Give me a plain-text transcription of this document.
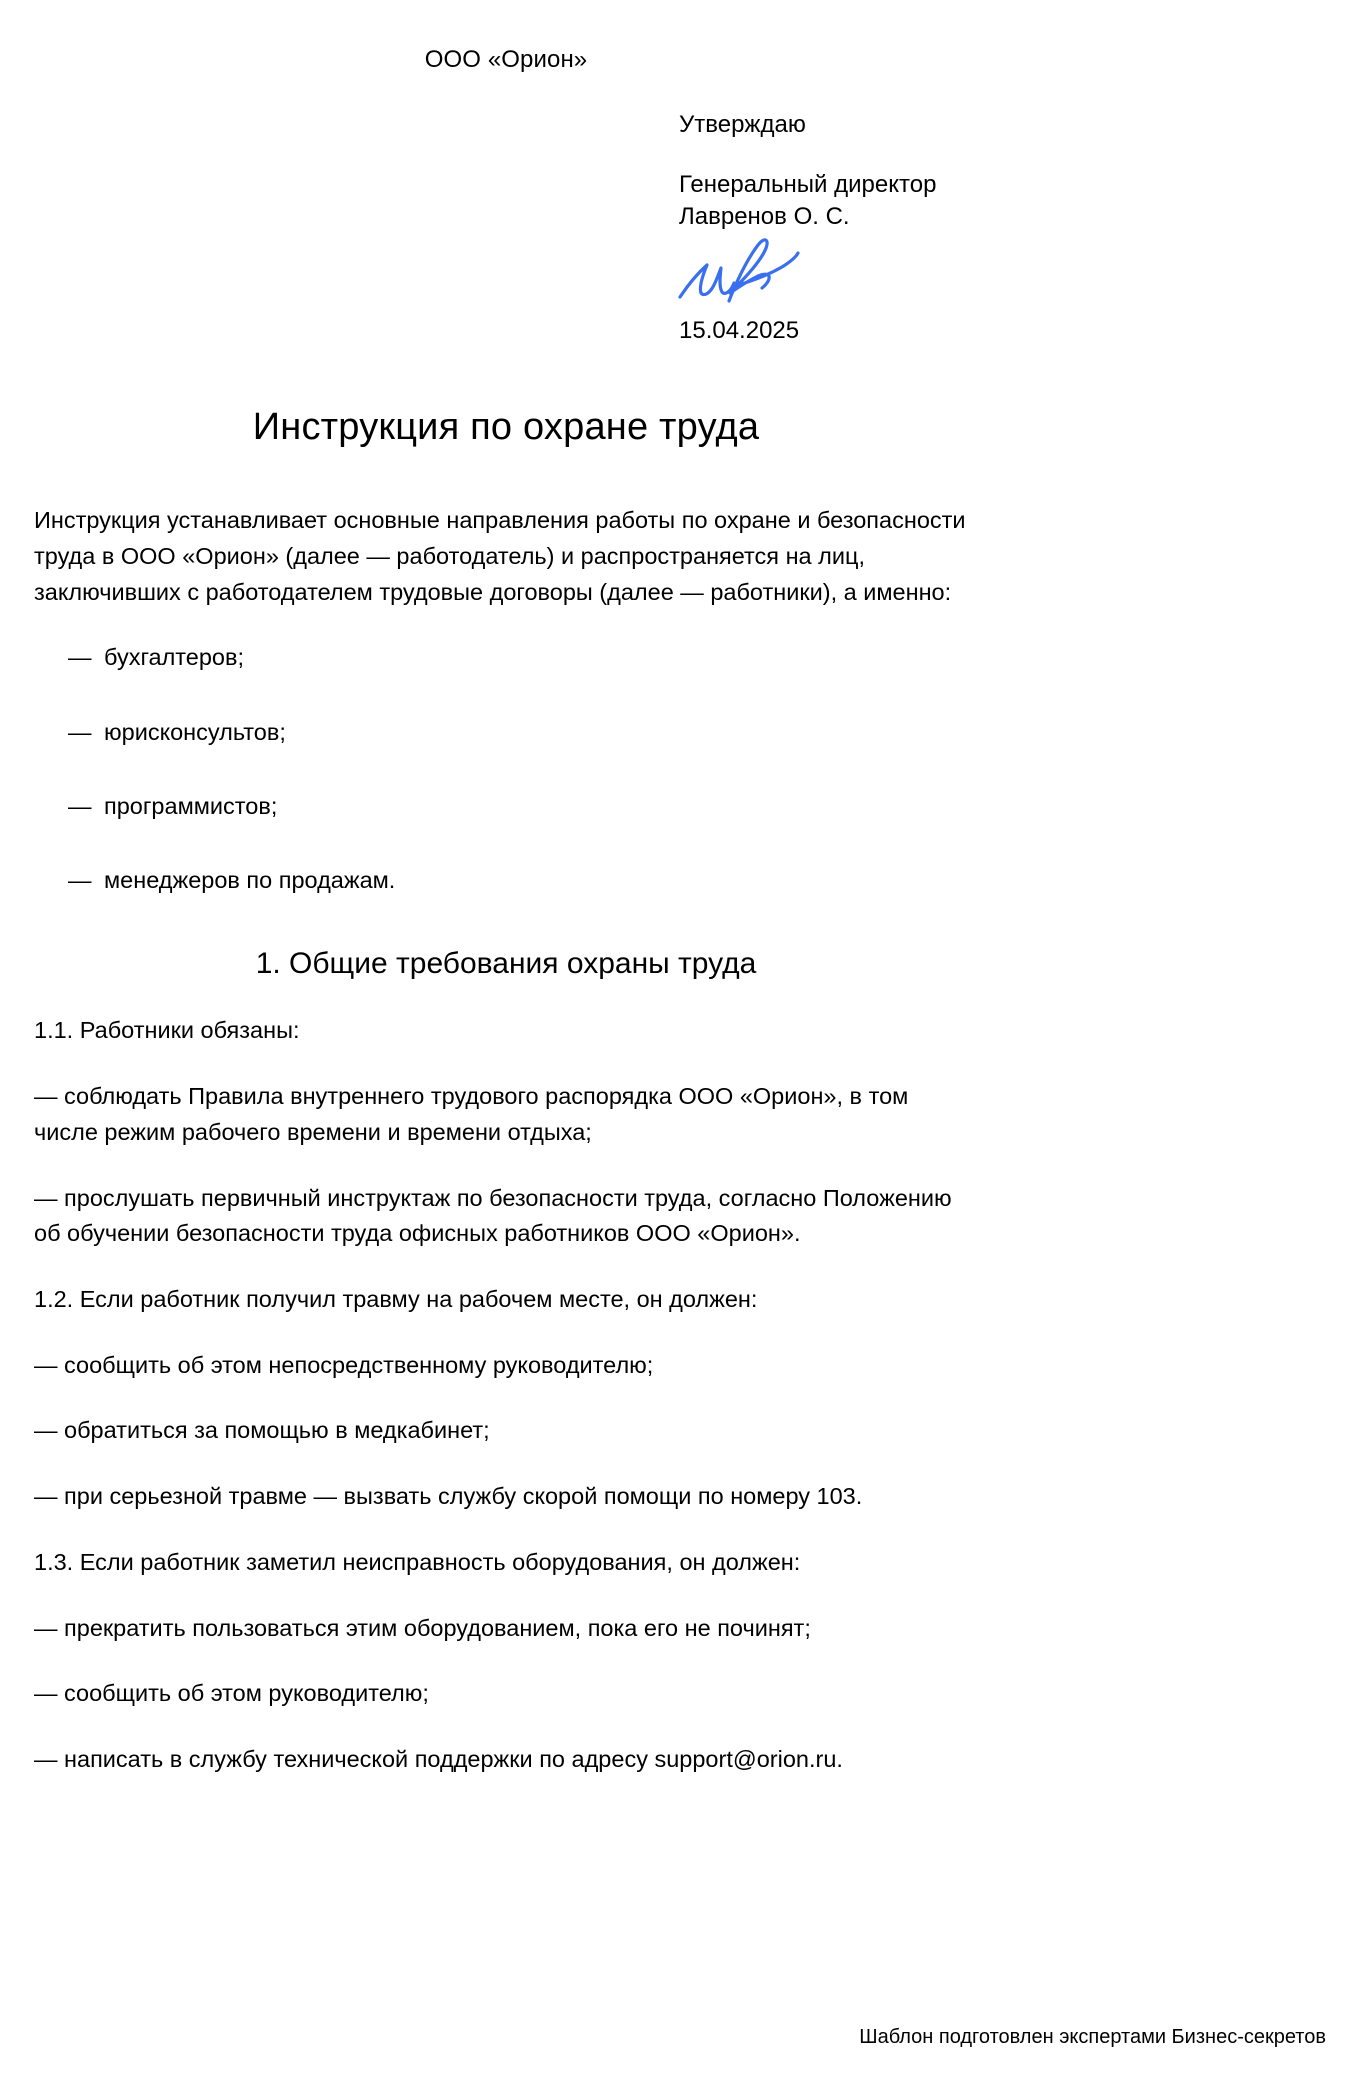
ООО «Орион»

Утверждаю

Генеральный директор

Лавренов О. С.

15.04.2025

Инструкция по охране труда

Инструкция устанавливает основные направления работы по охране и безопасности труда в ООО «Орион» (далее — работодатель) и распространяется на лиц, заключивших с работодателем трудовые договоры (далее — работники), а именно:

— бухгалтеров;
— юрисконсультов;
— программистов;
— менеджеров по продажам.
1. Общие требования охраны труда

1.1. Работники обязаны:

— соблюдать Правила внутреннего трудового распорядка ООО «Орион», в том числе режим рабочего времени и времени отдыха;

— прослушать первичный инструктаж по безопасности труда, согласно Положению об обучении безопасности труда офисных работников ООО «Орион».

1.2. Если работник получил травму на рабочем месте, он должен:

— сообщить об этом непосредственному руководителю;

— обратиться за помощью в медкабинет;

— при серьезной травме — вызвать службу скорой помощи по номеру 103.

1.3. Если работник заметил неисправность оборудования, он должен:

— прекратить пользоваться этим оборудованием, пока его не починят;

— сообщить об этом руководителю;

— написать в службу технической поддержки по адресу support@orion.ru.

Шаблон подготовлен экспертами Бизнес-секретов
